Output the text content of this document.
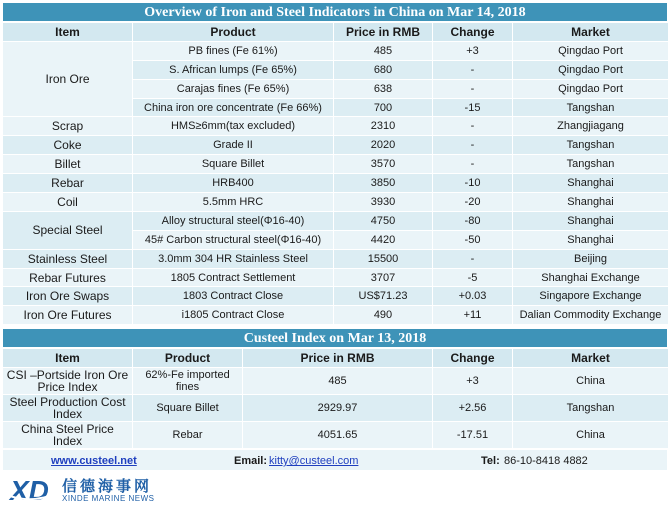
Overview of Iron and Steel Indicators in China on Mar 14, 2018
Item	Product	Price in RMB	Change	Market
Iron Ore	PB fines (Fe 61%)	485	+3	Qingdao Port
	S. African lumps (Fe 65%)	680	-	Qingdao Port
	Carajas fines (Fe 65%)	638	-	Qingdao Port
	China iron ore concentrate (Fe 66%)	700	-15	Tangshan
Scrap	HMS≥6mm(tax excluded)	2310	-	Zhangjiagang
Coke	Grade II	2020	-	Tangshan
Billet	Square Billet	3570	-	Tangshan
Rebar	HRB400	3850	-10	Shanghai
Coil	5.5mm HRC	3930	-20	Shanghai
Special Steel	Alloy structural steel(Φ16-40)	4750	-80	Shanghai
	45# Carbon structural steel(Φ16-40)	4420	-50	Shanghai
Stainless Steel	3.0mm 304 HR Stainless Steel	15500	-	Beijing
Rebar Futures	1805 Contract Settlement	3707	-5	Shanghai Exchange
Iron Ore Swaps	1803 Contract Close	US$71.23	+0.03	Singapore Exchange
Iron Ore Futures	i1805 Contract Close	490	+11	Dalian Commodity Exchange
Custeel Index on Mar 13, 2018
Item	Product	Price in RMB	Change	Market
CSI –Portside Iron Ore Price Index	62%-Fe imported fines	485	+3	China
Steel Production Cost Index	Square Billet	2929.97	+2.56	Tangshan
China Steel Price Index	Rebar	4051.65	-17.51	China
www.custeel.net	Email: kitty@custeel.com	Tel: 86-10-8418 4882
XD 信德海事网
XINDE MARINE NEWS
